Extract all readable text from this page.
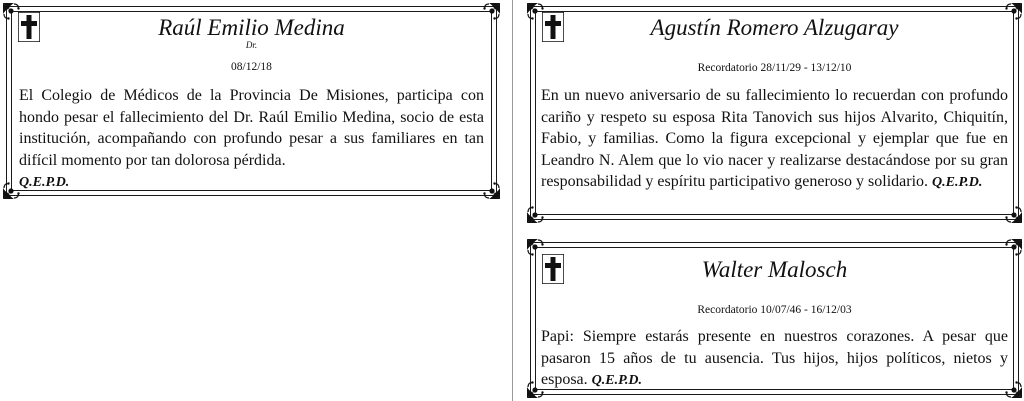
Raúl Emilio Medina
Dr.
08/12/18

El Colegio de Médicos de la Provincia De Misiones, participa con hondo pesar el fallecimiento del Dr. Raúl Emilio Medina, socio de esta institución, acompañando con profundo pesar a sus familiares en tan difícil momento por tan dolorosa pérdida.
Q.E.P.D.

Agustín Romero Alzugaray
Recordatorio 28/11/29 - 13/12/10

En un nuevo aniversario de su fallecimiento lo recuerdan con profundo cariño y respeto su esposa Rita Tanovich sus hijos Alvarito, Chiquitín, Fabio, y familias. Como la figura excepcional y ejemplar que fue en Leandro N. Alem que lo vio nacer y realizarse destacándose por su gran responsabilidad y espíritu participativo generoso y solidario. Q.E.P.D.

Walter Malosch
Recordatorio 10/07/46 - 16/12/03

Papi: Siempre estarás presente en nuestros corazones. A pesar que pasaron 15 años de tu ausencia. Tus hijos, hijos políticos, nietos y esposa. Q.E.P.D.
